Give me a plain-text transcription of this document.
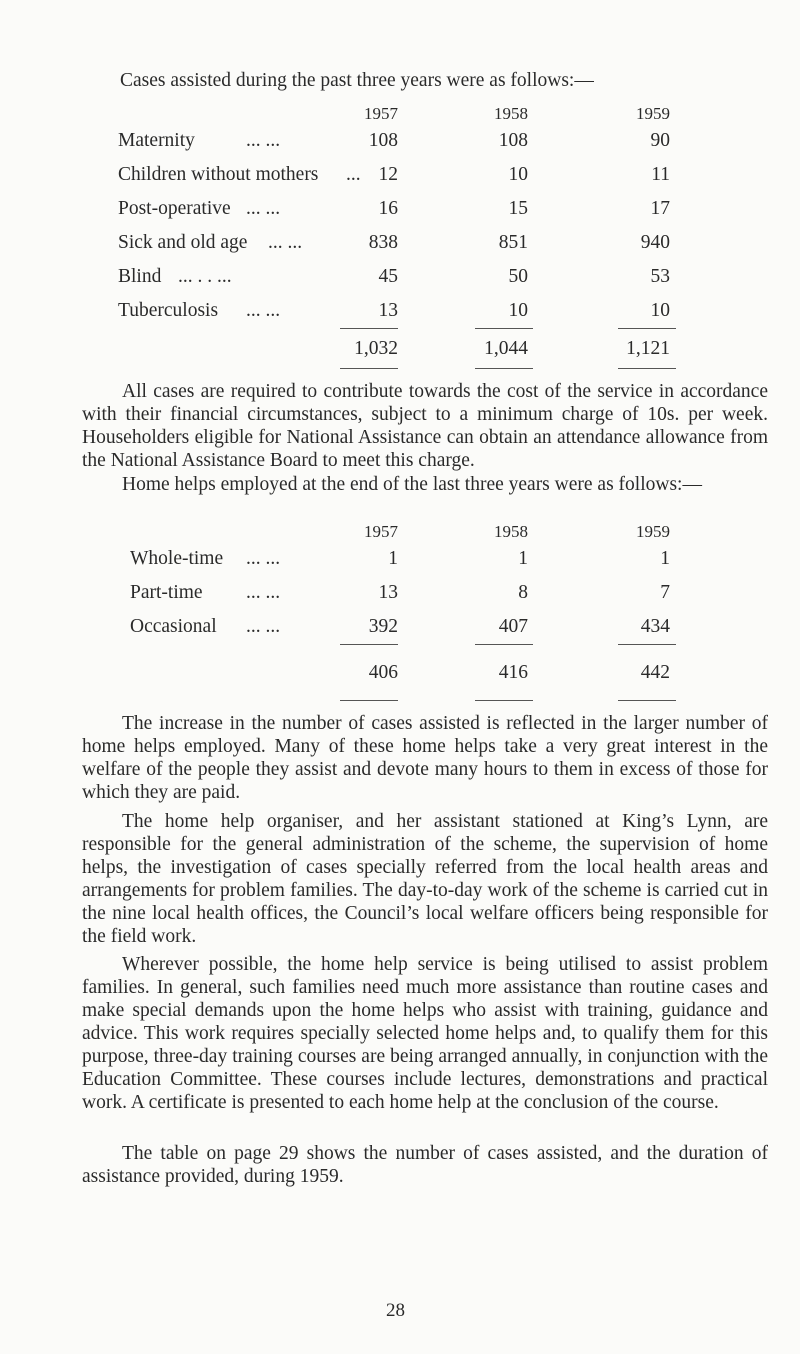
Cases assisted during the past three years were as follows:—
1957	1958	1959
Maternity	... ...	108	108	90
Children without mothers ... 12	10	11
Post-operative ... ...	16	15	17
Sick and old age ... ...	838	851	940
Blind ... . . ...	45	50	53
Tuberculosis ... ...	13	10	10
1,032	1,044	1,121

All cases are required to contribute towards the cost of the service in accordance with their financial circumstances, subject to a minimum charge of 10s. per week. Householders eligible for National Assistance can obtain an attendance allowance from the National Assistance Board to meet this charge.

Home helps employed at the end of the last three years were as follows:—

1957	1958	1959
Whole-time ... ...	1	1	1
Part-time ... ...	13	8	7
Occasional ... ...	392	407	434
406	416	442

The increase in the number of cases assisted is reflected in the larger number of home helps employed. Many of these home helps take a very great interest in the welfare of the people they assist and devote many hours to them in excess of those for which they are paid.

The home help organiser, and her assistant stationed at King’s Lynn, are responsible for the general administration of the scheme, the supervision of home helps, the investigation of cases specially referred from the local health areas and arrangements for problem families. The day-to-day work of the scheme is carried cut in the nine local health offices, the Council’s local welfare officers being responsible for the field work.

Wherever possible, the home help service is being utilised to assist problem families. In general, such families need much more assistance than routine cases and make special demands upon the home helps who assist with training, guidance and advice. This work requires specially selected home helps and, to qualify them for this purpose, three-day training courses are being arranged annually, in conjunction with the Education Committee. These courses include lectures, demonstrations and practical work. A certificate is presented to each home help at the conclusion of the course.

The table on page 29 shows the number of cases assisted, and the duration of assistance provided, during 1959.

28
